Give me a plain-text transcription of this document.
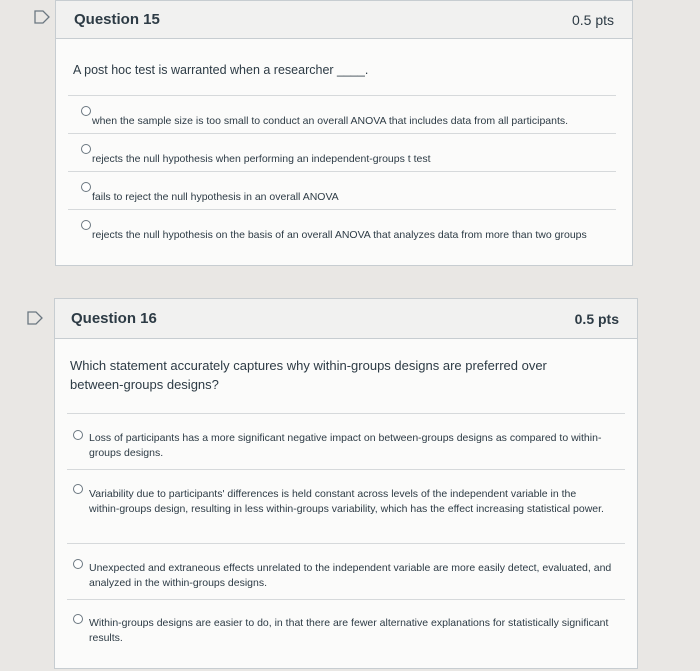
Question 15	0.5 pts
A post hoc test is warranted when a researcher ____.
when the sample size is too small to conduct an overall ANOVA that includes data from all participants.
rejects the null hypothesis when performing an independent-groups t test
fails to reject the null hypothesis in an overall ANOVA
rejects the null hypothesis on the basis of an overall ANOVA that analyzes data from more than two groups
Question 16	0.5 pts
Which statement accurately captures why within-groups designs are preferred over between-groups designs?
Loss of participants has a more significant negative impact on between-groups designs as compared to within-groups designs.
Variability due to participants' differences is held constant across levels of the independent variable in the within-groups design, resulting in less within-groups variability, which has the effect increasing statistical power.
Unexpected and extraneous effects unrelated to the independent variable are more easily detect, evaluated, and analyzed in the within-groups designs.
Within-groups designs are easier to do, in that there are fewer alternative explanations for statistically significant results.
